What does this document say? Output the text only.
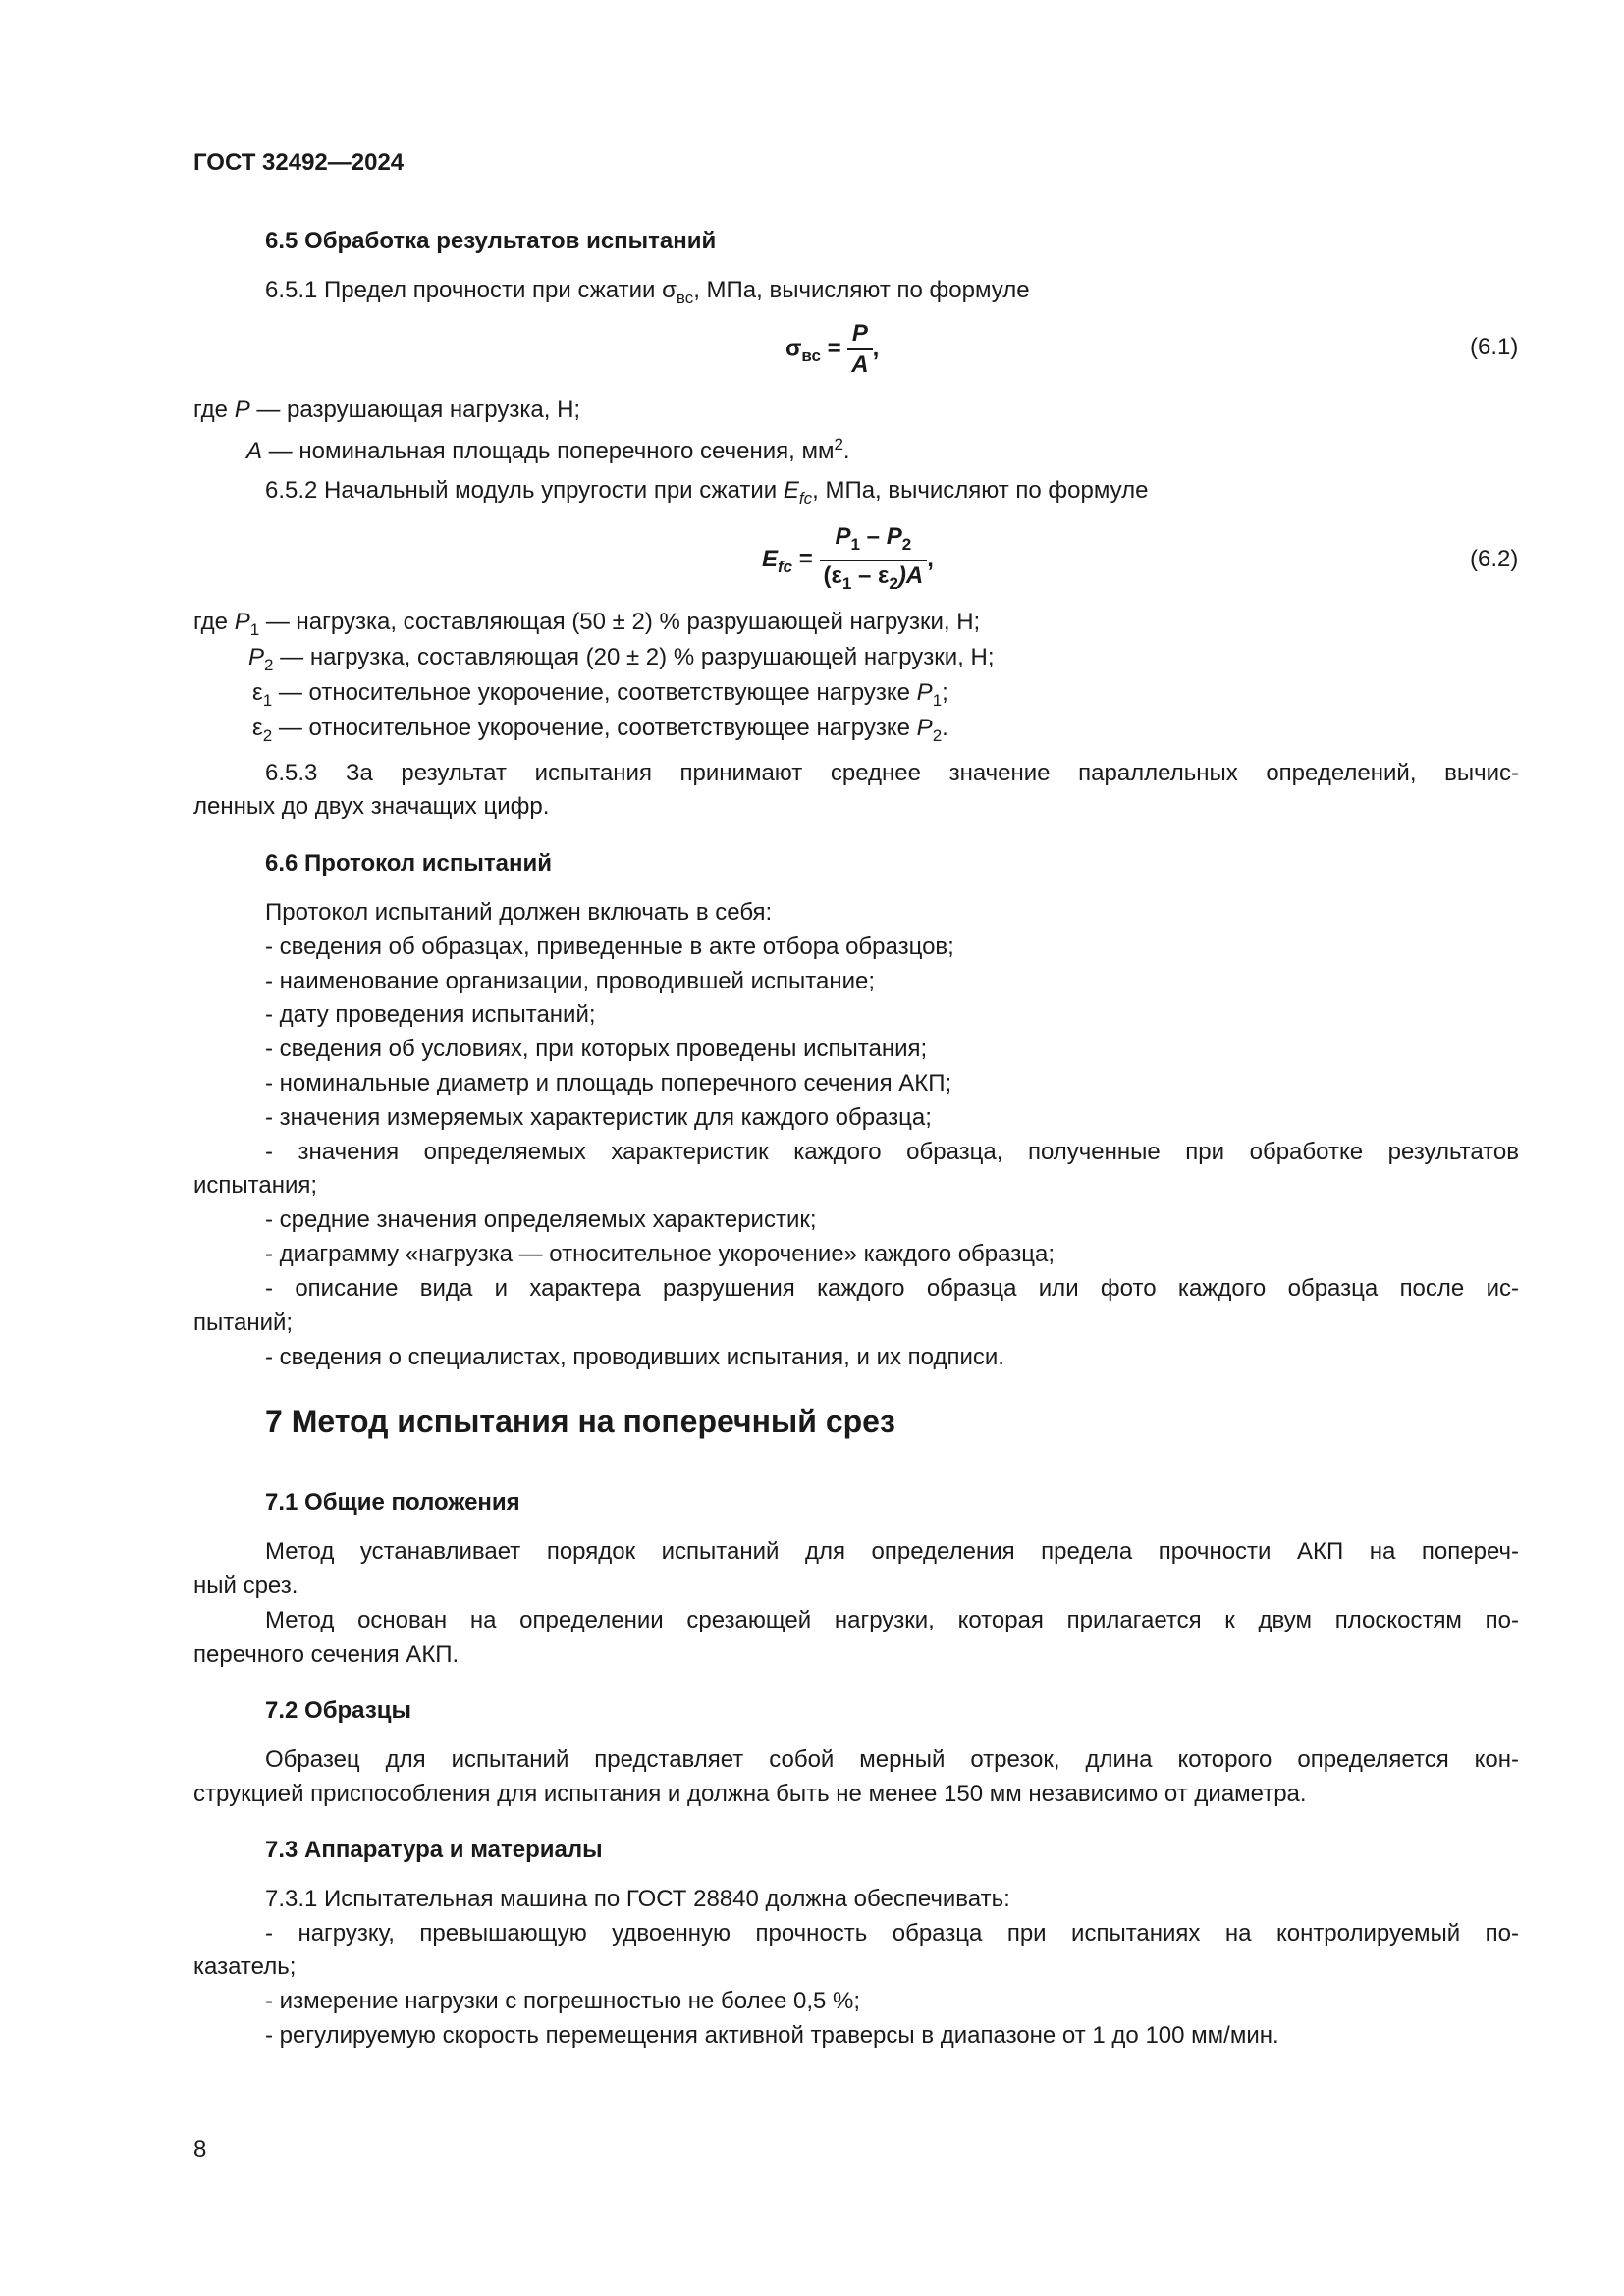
ГОСТ 32492—2024
6.5 Обработка результатов испытаний
6.5.1 Предел прочности при сжатии $\sigma_{вс}$, МПа, вычисляют по формуле
$\sigma_{вс} = \frac{P}{A}$ ,	(6.1)
где P — разрушающая нагрузка, Н;
A — номинальная площадь поперечного сечения, $мм^2$.
6.5.2 Начальный модуль упругости при сжатии $E_{fc}$, МПа, вычисляют по формуле
$E_{fc} = \frac{P_1 - P_2}{(\varepsilon_1 - \varepsilon_2)A}$ ,	(6.2)
где $P_1$ — нагрузка, составляющая (50 ± 2) % разрушающей нагрузки, Н;
$P_2$ — нагрузка, составляющая (20 ± 2) % разрушающей нагрузки, Н;
$\varepsilon_1$ — относительное укорочение, соответствующее нагрузке $P_1$;
$\varepsilon_2$ — относительное укорочение, соответствующее нагрузке $P_2$.
6.5.3 За результат испытания принимают среднее значение параллельных определений, вычис-
ленных до двух значащих цифр.
6.6 Протокол испытаний
Протокол испытаний должен включать в себя:
- сведения об образцах, приведенные в акте отбора образцов;
- наименование организации, проводившей испытание;
- дату проведения испытаний;
- сведения об условиях, при которых проведены испытания;
- номинальные диаметр и площадь поперечного сечения АКП;
- значения измеряемых характеристик для каждого образца;
- значения определяемых характеристик каждого образца, полученные при обработке результатов
испытания;
- средние значения определяемых характеристик;
- диаграмму «нагрузка — относительное укорочение» каждого образца;
- описание вида и характера разрушения каждого образца или фото каждого образца после ис-
пытаний;
- сведения о специалистах, проводивших испытания, и их подписи.
7 Метод испытания на поперечный срез
7.1 Общие положения
Метод устанавливает порядок испытаний для определения предела прочности АКП на попереч-
ный срез.
Метод основан на определении срезающей нагрузки, которая прилагается к двум плоскостям по-
перечного сечения АКП.
7.2 Образцы
Образец для испытаний представляет собой мерный отрезок, длина которого определяется кон-
струкцией приспособления для испытания и должна быть не менее 150 мм независимо от диаметра.
7.3 Аппаратура и материалы
7.3.1 Испытательная машина по ГОСТ 28840 должна обеспечивать:
- нагрузку, превышающую удвоенную прочность образца при испытаниях на контролируемый по-
казатель;
- измерение нагрузки с погрешностью не более 0,5 %;
- регулируемую скорость перемещения активной траверсы в диапазоне от 1 до 100 мм/мин.
8
